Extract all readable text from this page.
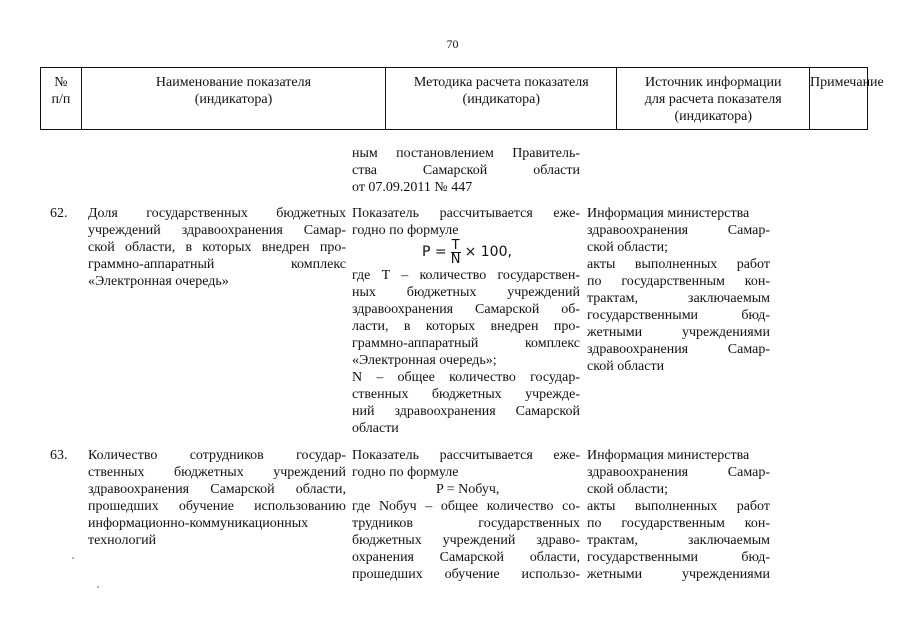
70
№
п/п
Наименование показателя
(индикатора)
Методика расчета показателя
(индикатора)
Источник информации
для расчета показателя
(индикатора)
Примечание
ным постановлением Правитель-
ства Самарской области
от 07.09.2011 № 447
62. Доля государственных бюджетных
учреждений здравоохранения Самар-
ской области, в которых внедрен про-
граммно-аппаратный комплекс
«Электронная очередь»
Показатель рассчитывается еже-
годно по формуле
$P = \frac{T}{N} \times 100$,
где T – количество государствен-
ных бюджетных учреждений
здравоохранения Самарской об-
ласти, в которых внедрен про-
граммно-аппаратный комплекс
«Электронная очередь»;
N – общее количество государ-
ственных бюджетных учрежде-
ний здравоохранения Самарской
области
Информация министерства
здравоохранения Самар-
ской области;
акты выполненных работ
по государственным кон-
трактам, заключаемым
государственными бюд-
жетными учреждениями
здравоохранения Самар-
ской области
63. Количество сотрудников государ-
ственных бюджетных учреждений
здравоохранения Самарской области,
прошедших обучение использованию
информационно-коммуникационных
технологий
Показатель рассчитывается еже-
годно по формуле
P = Nобуч,
где Nобуч – общее количество со-
трудников государственных
бюджетных учреждений здраво-
охранения Самарской области,
прошедших обучение использо-
Информация министерства
здравоохранения Самар-
ской области;
акты выполненных работ
по государственным кон-
трактам, заключаемым
государственными бюд-
жетными учреждениями
